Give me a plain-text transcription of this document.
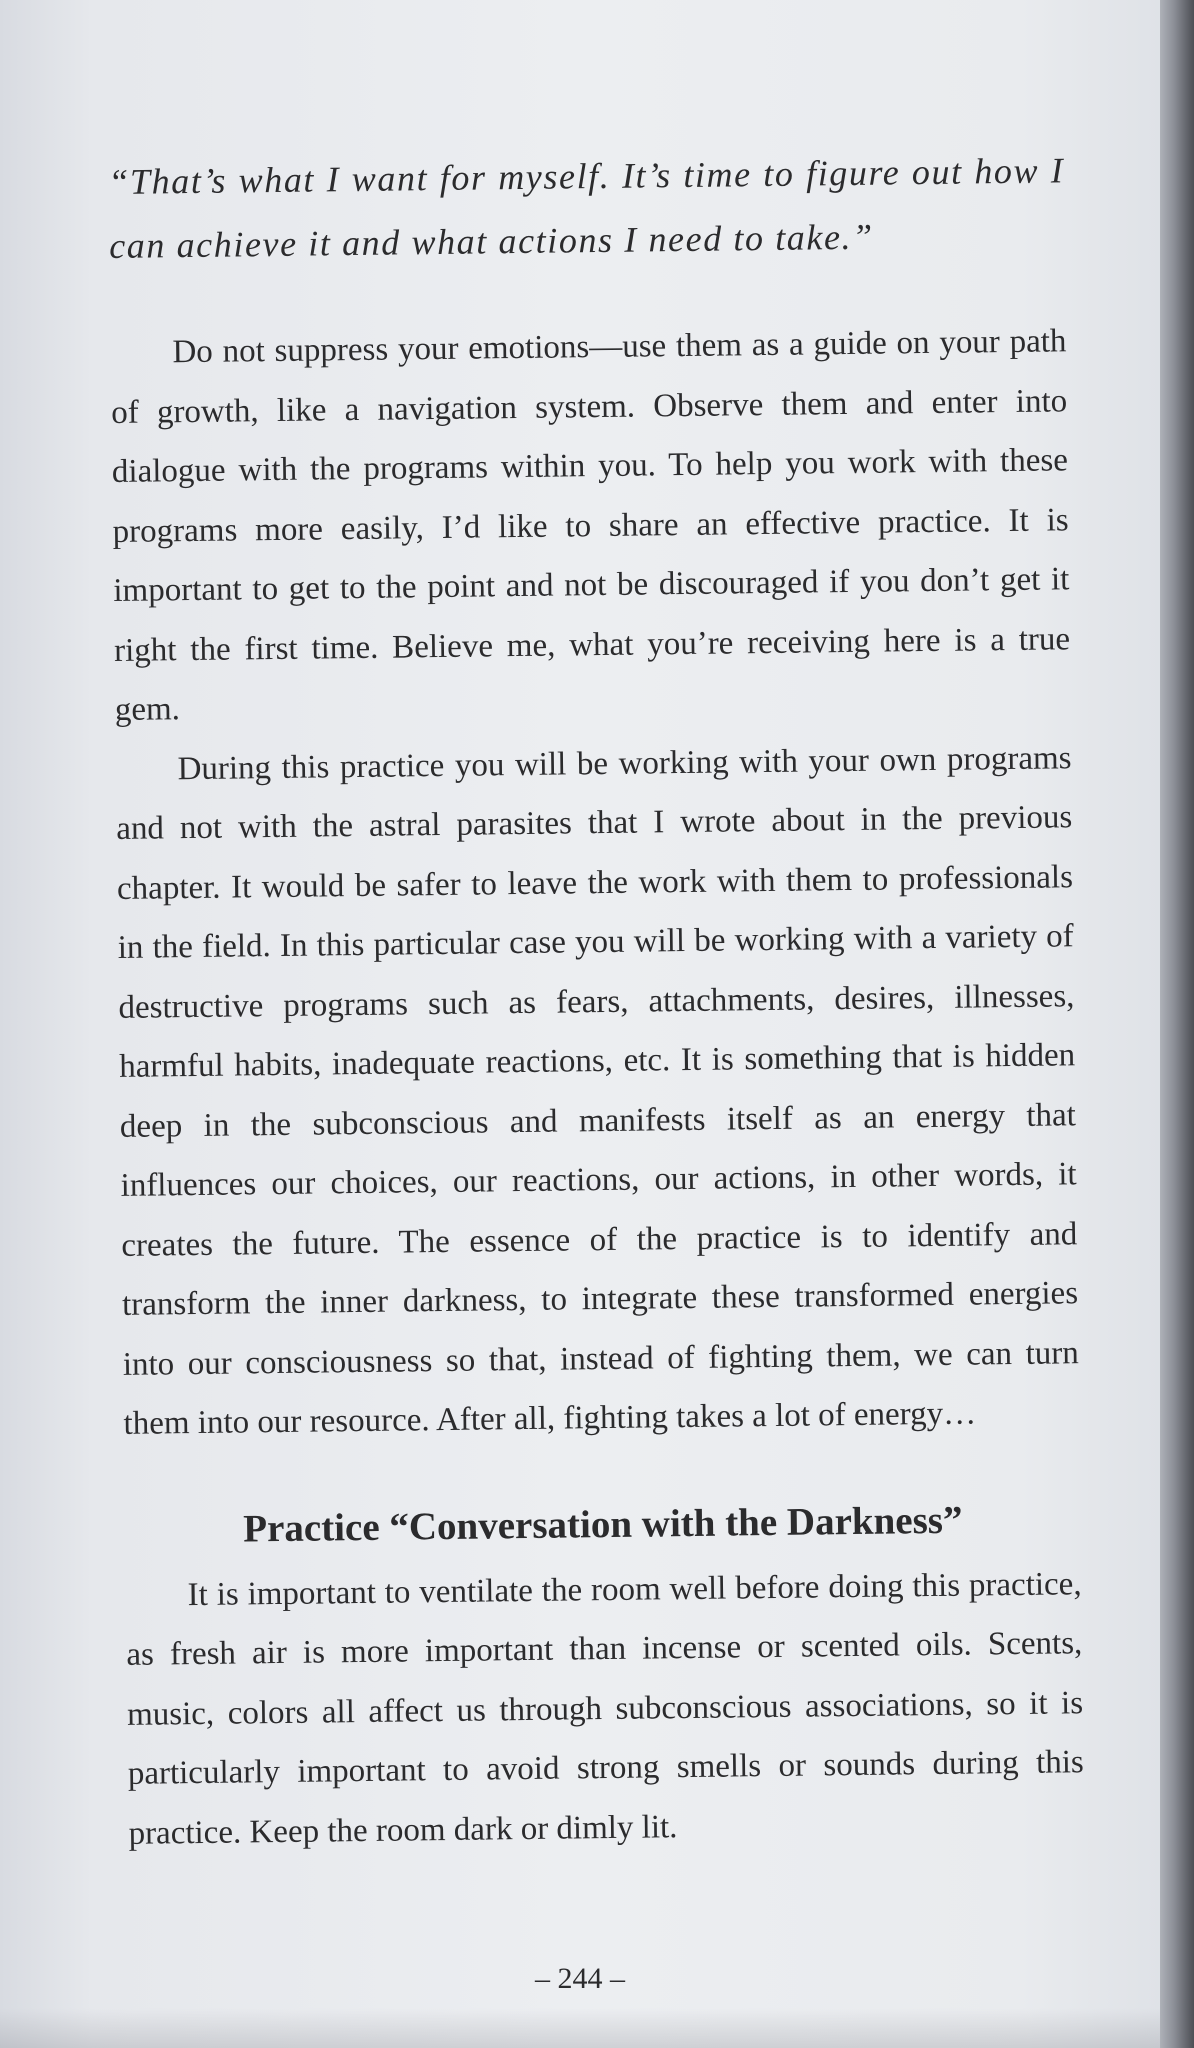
“That’s what I want for myself. It’s time to figure out how I can achieve it and what actions I need to take.”

Do not suppress your emotions—use them as a guide on your path of growth, like a navigation system. Observe them and enter into dialogue with the programs within you. To help you work with these programs more easily, I’d like to share an effective practice. It is important to get to the point and not be discouraged if you don’t get it right the first time. Believe me, what you’re receiving here is a true gem.

During this practice you will be working with your own programs and not with the astral parasites that I wrote about in the previous chapter. It would be safer to leave the work with them to professionals in the field. In this particular case you will be working with a variety of destructive programs such as fears, attachments, desires, illnesses, harmful habits, inadequate reactions, etc. It is something that is hidden deep in the subconscious and manifests itself as an energy that influences our choices, our reactions, our actions, in other words, it creates the future. The essence of the practice is to identify and transform the inner darkness, to integrate these transformed energies into our consciousness so that, instead of fighting them, we can turn them into our resource. After all, fighting takes a lot of energy…

Practice “Conversation with the Darkness”

It is important to ventilate the room well before doing this practice, as fresh air is more important than incense or scented oils. Scents, music, colors all affect us through subconscious associations, so it is particularly important to avoid strong smells or sounds during this practice. Keep the room dark or dimly lit.

– 244 –
